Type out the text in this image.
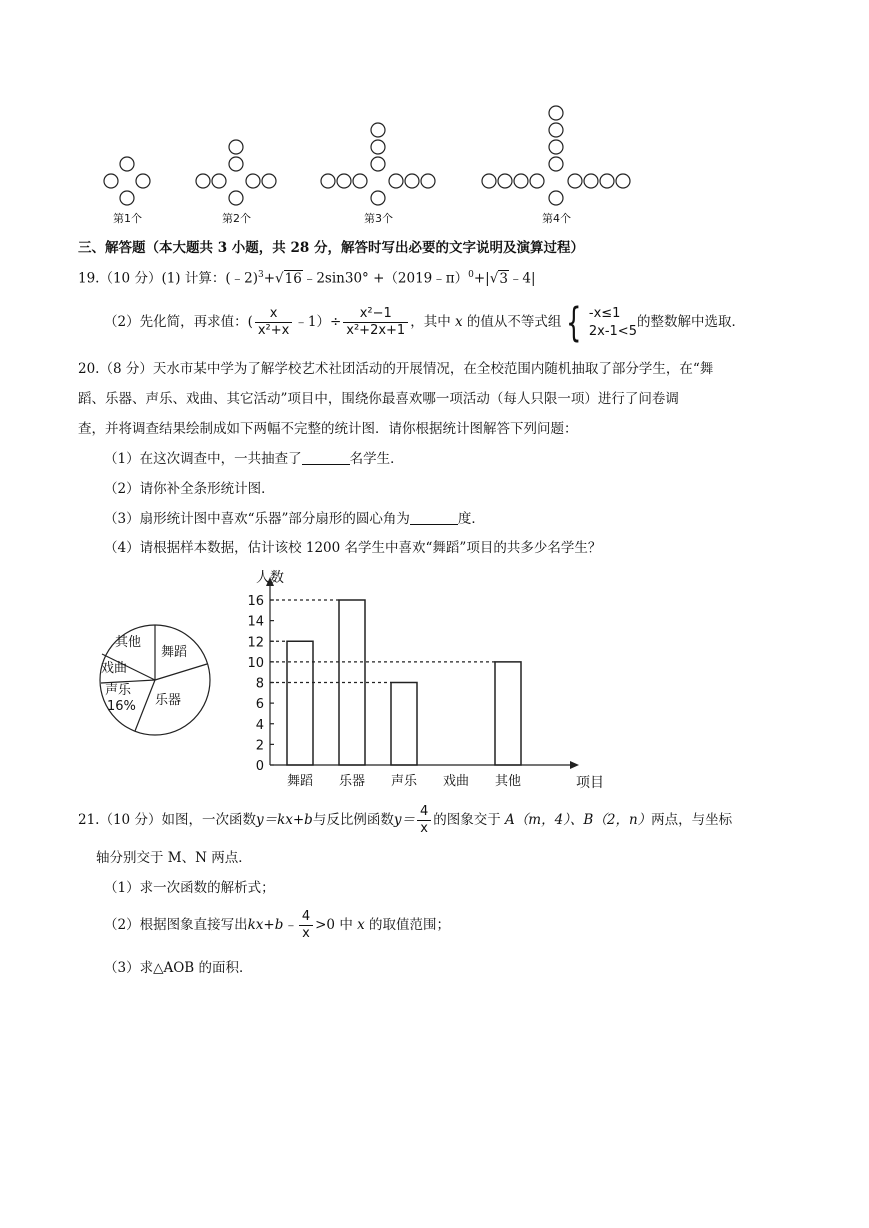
第1个	第2个	第3个	第4个
三、解答题（本大题共 3 小题，共 28 分，解答时写出必要的文字说明及演算过程）
19.（10 分）(1) 计算：(﹣2)$^3$+√16﹣2sin30° +（2019﹣π）$^0$+|√3﹣4|
（2）先化简，再求值：( $\frac{x}{\text{x²+x}}$ ﹣1）÷ $\frac{\text{x²−1}}{\text{x²+2x+1}}$ ，其中 x 的值从不等式组 { -x≤1
2x-1<5
的整数解中选取．
20.（8 分）天水市某中学为了解学校艺术社团活动的开展情况，在全校范围内随机抽取了部分学生，在“舞
蹈、乐器、声乐、戏曲、其它活动”项目中，围绕你最喜欢哪一项活动（每人只限一项）进行了问卷调
查，并将调查结果绘制成如下两幅不完整的统计图．请你根据统计图解答下列问题：
（1）在这次调查中，一共抽查了	名学生．
（2）请你补全条形统计图．
（3）扇形统计图中喜欢“乐器”部分扇形的圆心角为	度．
（4）请根据样本数据，估计该校 1200 名学生中喜欢“舞蹈”项目的共多少名学生？
其他
舞蹈
戏曲
声乐
16% 乐器
0
2
4
6
8
10
12
14
16
舞蹈 乐器 声乐 戏曲 其他
人数
项目
21.（10 分）如图，一次函数y＝kx+b与反比例函数$y= \frac{4}{x}$ 的图象交于 A（m，4）、B（2，n）两点，与坐标
轴分别交于 M、N 两点．
（1）求一次函数的解析式；
（2）根据图象直接写出kx+b﹣ $\frac{4}{x} >0$ 中 x 的取值范围；
（3）求△AOB 的面积．
